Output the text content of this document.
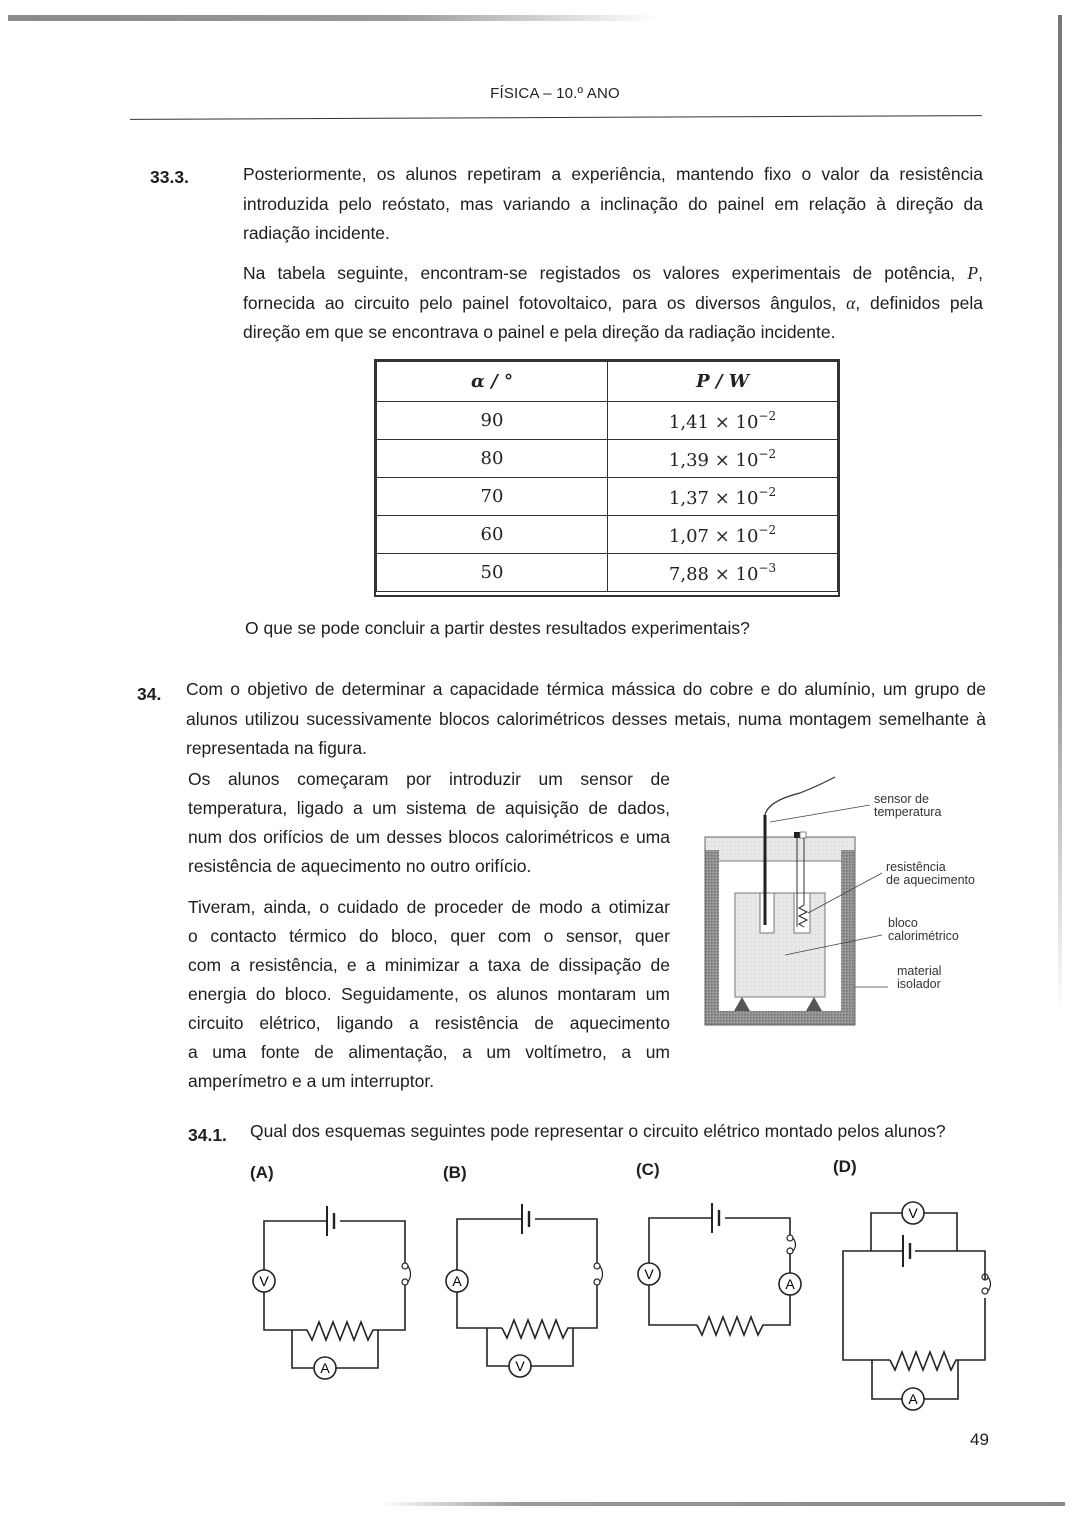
FÍSICA – 10.º ANO
33.3.	Posteriormente, os alunos repetiram a experiência, mantendo fixo o valor da resistência
introduzida pelo reóstato, mas variando a inclinação do painel em relação à direção da
radiação incidente.
Na tabela seguinte, encontram-se registados os valores experimentais de potência, P,
fornecida ao circuito pelo painel fotovoltaico, para os diversos ângulos, α, definidos pela
direção em que se encontrava o painel e pela direção da radiação incidente.
α / °	P / W
90	$1,41 \times 10^{-2}$
80	$1,39 \times 10^{-2}$
70	$1,37 \times 10^{-2}$
60	$1,07 \times 10^{-2}$
50	$7,88 \times 10^{-3}$
O que se pode concluir a partir destes resultados experimentais?
34. Com o objetivo de determinar a capacidade térmica mássica do cobre e do alumínio, um grupo de
alunos utilizou sucessivamente blocos calorimétricos desses metais, numa montagem semelhante à
representada na figura.
Os alunos começaram por introduzir um sensor de
temperatura, ligado a um sistema de aquisição de dados,
num dos orifícios de um desses blocos calorimétricos e uma
resistência de aquecimento no outro orifício.
Tiveram, ainda, o cuidado de proceder de modo a otimizar
o contacto térmico do bloco, quer com o sensor, quer
com a resistência, e a minimizar a taxa de dissipação de
energia do bloco. Seguidamente, os alunos montaram um
circuito elétrico, ligando a resistência de aquecimento
a uma fonte de alimentação, a um voltímetro, a um
amperímetro e a um interruptor.
sensor de
temperatura
resistência
de aquecimento
bloco
calorimétrico
material
isolador
34.1. Qual dos esquemas seguintes pode representar o circuito elétrico montado pelos alunos?
(A)	(B)	(C)	(D)
V
A
A
V
V
A
V
A
49
